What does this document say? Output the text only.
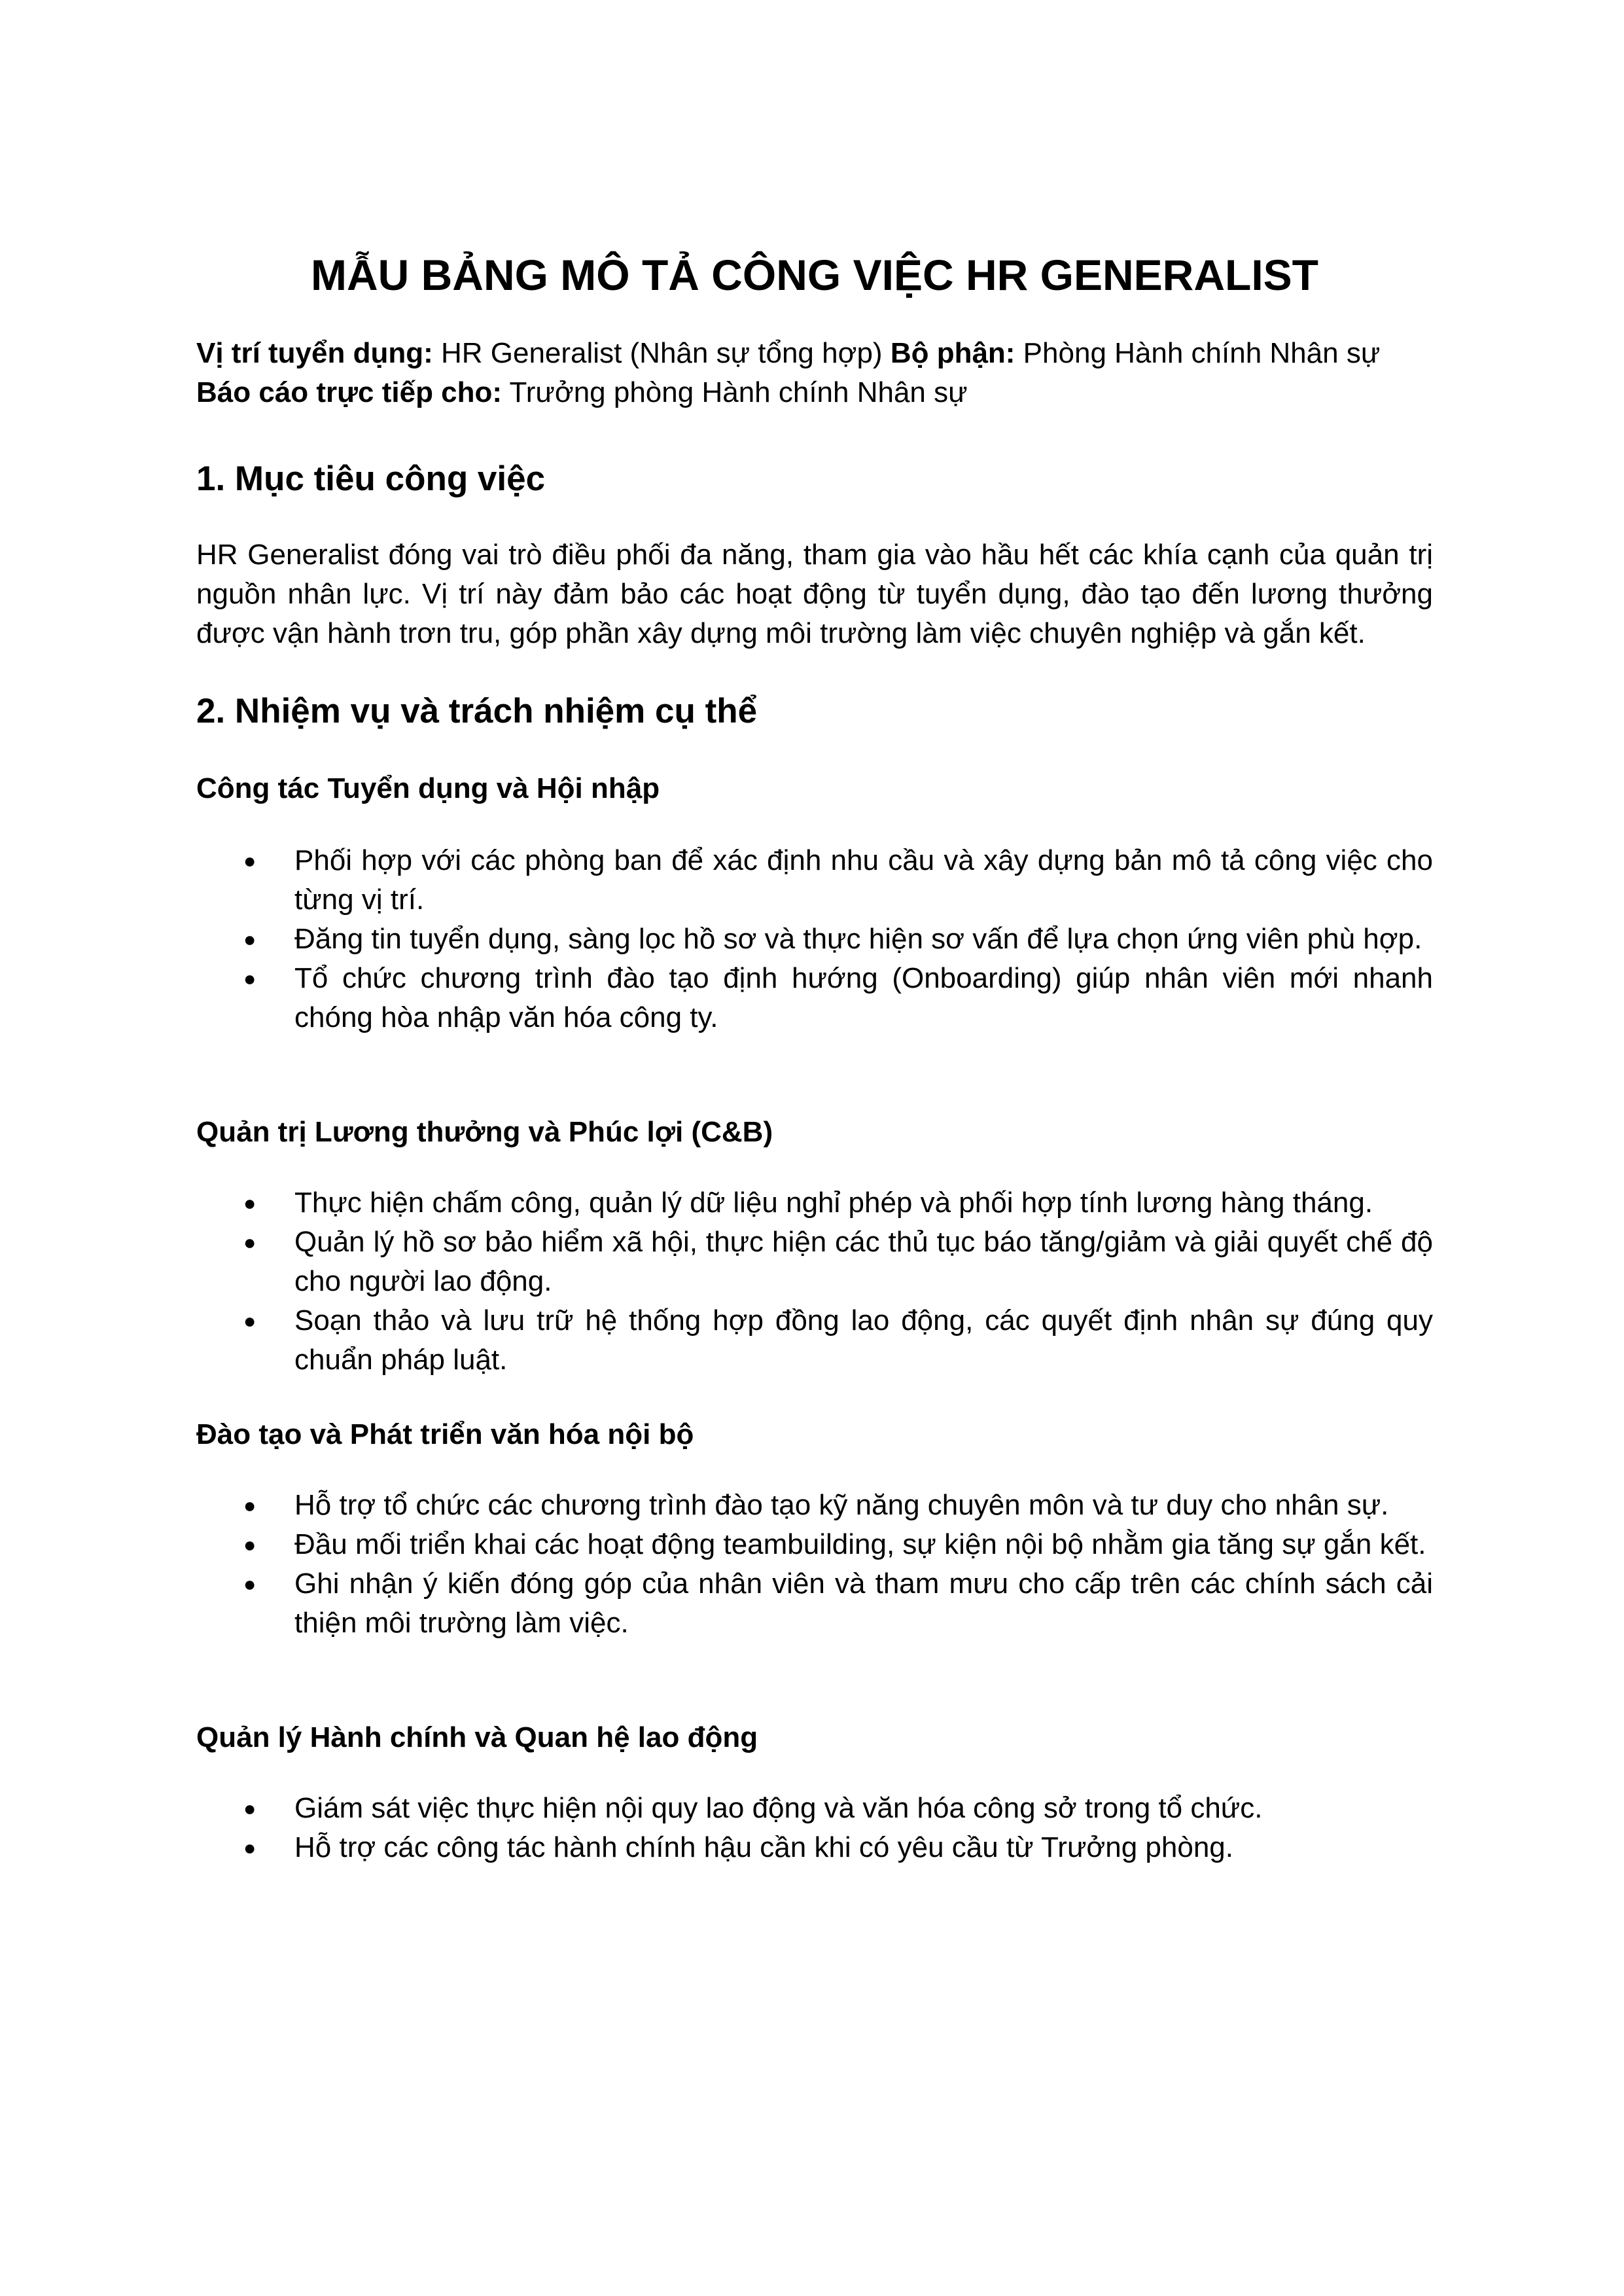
MẪU BẢNG MÔ TẢ CÔNG VIỆC HR GENERALIST
Vị trí tuyển dụng: HR Generalist (Nhân sự tổng hợp) Bộ phận: Phòng Hành chính Nhân sự
Báo cáo trực tiếp cho: Trưởng phòng Hành chính Nhân sự
1. Mục tiêu công việc
HR Generalist đóng vai trò điều phối đa năng, tham gia vào hầu hết các khía cạnh của quản trị nguồn nhân lực. Vị trí này đảm bảo các hoạt động từ tuyển dụng, đào tạo đến lương thưởng được vận hành trơn tru, góp phần xây dựng môi trường làm việc chuyên nghiệp và gắn kết.
2. Nhiệm vụ và trách nhiệm cụ thể
Công tác Tuyển dụng và Hội nhập
● Phối hợp với các phòng ban để xác định nhu cầu và xây dựng bản mô tả công việc cho từng vị trí.
● Đăng tin tuyển dụng, sàng lọc hồ sơ và thực hiện sơ vấn để lựa chọn ứng viên phù hợp.
● Tổ chức chương trình đào tạo định hướng (Onboarding) giúp nhân viên mới nhanh chóng hòa nhập văn hóa công ty.
Quản trị Lương thưởng và Phúc lợi (C&B)
● Thực hiện chấm công, quản lý dữ liệu nghỉ phép và phối hợp tính lương hàng tháng.
● Quản lý hồ sơ bảo hiểm xã hội, thực hiện các thủ tục báo tăng/giảm và giải quyết chế độ cho người lao động.
● Soạn thảo và lưu trữ hệ thống hợp đồng lao động, các quyết định nhân sự đúng quy chuẩn pháp luật.
Đào tạo và Phát triển văn hóa nội bộ
● Hỗ trợ tổ chức các chương trình đào tạo kỹ năng chuyên môn và tư duy cho nhân sự.
● Đầu mối triển khai các hoạt động teambuilding, sự kiện nội bộ nhằm gia tăng sự gắn kết.
● Ghi nhận ý kiến đóng góp của nhân viên và tham mưu cho cấp trên các chính sách cải thiện môi trường làm việc.
Quản lý Hành chính và Quan hệ lao động
● Giám sát việc thực hiện nội quy lao động và văn hóa công sở trong tổ chức.
● Hỗ trợ các công tác hành chính hậu cần khi có yêu cầu từ Trưởng phòng.
